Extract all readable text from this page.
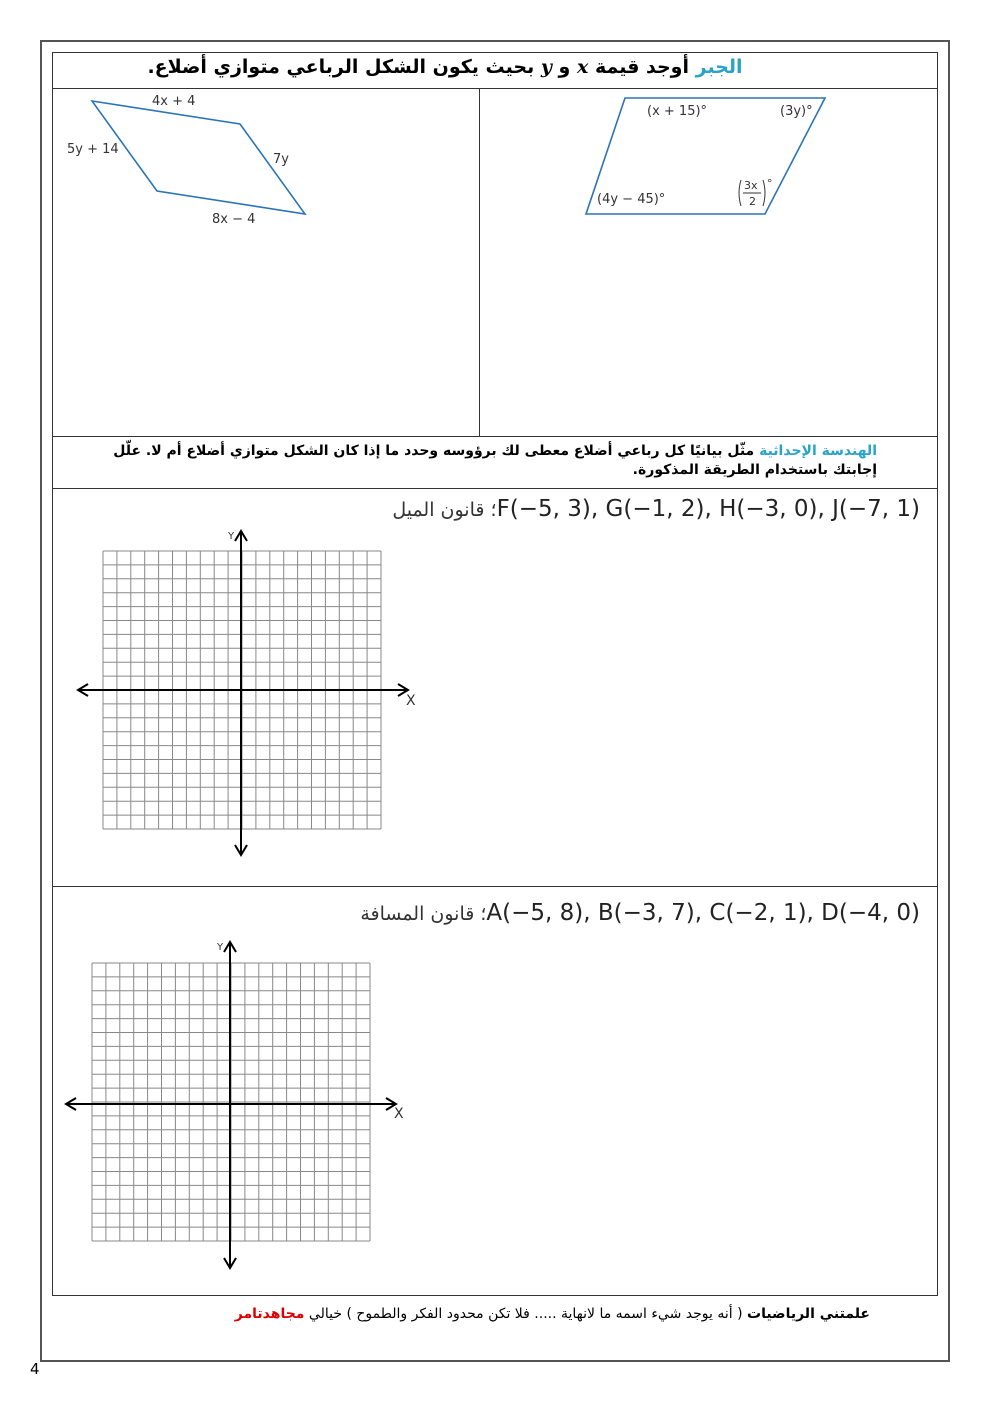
الجبر أوجد قيمة x و y بحيث يكون الشكل الرباعي متوازي أضلاع.
4x + 4
5y + 14
7y
8x − 4
(x + 15)°	(3y)°
(4y − 45)°
3x
2
°
الهندسة الإحداثية مثّل بيانيًا كل رباعي أضلاع معطى لك برؤوسه وحدد ما إذا كان الشكل متوازي أضلاع أم لا. علّل إجابتك باستخدام الطريقة المذكورة.
؛ قانون الميلF(−5, 3), G(−1, 2), H(−3, 0), J(−7, 1)
X
Y
؛ قانون المسافةA(−5, 8), B(−3, 7), C(−2, 1), D(−4, 0)
X
Y
علمتني الرياضيات ( أنه يوجد شيء اسمه ما لانهاية ..... فلا تكن محدود الفكر والطموح ) خيالي مجاهدتامر
4
